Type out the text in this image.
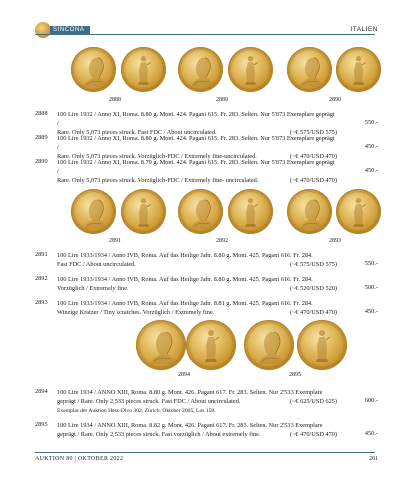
SINCONA	ITALIEN
2888	2889	2890
2888 100 Lire 1932 / Anno XI, Roma. 8.80 g. Mont. 424. Pagani 615. Fr. 283. Selten. Nur 5'073 Exemplare geprägt /
Rare. Only 5,073 pieces struck. Fast FDC / About uncirculated.	(~€ 575/USD 575)
550.-
2889 100 Lire 1932 / Anno XI, Roma. 8.80 g. Mont. 424. Pagani 615. Fr. 283. Selten. Nur 5'073 Exemplare geprägt /
Rare. Only 5,073 pieces struck. Vorzüglich-FDC / Extremely fine-uncirculated.	(~€ 470/USD 470)
450.-
2890 100 Lire 1932 / Anno XI, Roma. 8.79 g. Mont. 424. Pagani 615. Fr. 283. Selten. Nur 5'073 Exemplare geprägt /
Rare. Only 5,073 pieces struck. Vorzüglich-FDC / Extremely fine- uncirculated.	(~€ 470/USD 470)
450.-
2891	2892	2893
2891 100 Lire 1933/1934 / Anno IVB, Roma. Auf das Heilige Jahr. 8.80 g. Mont. 425. Pagani 616. Fr. 284.
Fast FDC / About uncirculated.	(~€ 575/USD 575)	550.-
2892 100 Lire 1933/1934 / Anno IVB, Roma. Auf das Heilige Jahr. 8.80 g. Mont. 425. Pagani 616. Fr. 284.
Vorzüglich / Extremely fine.	(~€ 520/USD 520)	500.-
2893 100 Lire 1933/1934 / Anno IVB, Roma. Auf das Heilige Jahr. 8.81 g. Mont. 425. Pagani 616. Fr. 284.
Winzige Kratzer / Tiny scratches. Vorzüglich / Extremely fine.	(~€ 470/USD 470)	450.-
2894	2895
2894 100 Lire 1934 / ANNO XIII, Roma. 8.80 g. Mont. 426. Pagani 617. Fr. 283. Selten. Nur 2'533 Exemplare
geprägt / Rare. Only 2,533 pieces struck. Fast FDC / About uncirculated.	(~€ 625/USD 625)
Exemplar der Auktion Hess-Divo 302, Zürich, Oktober 2005, Los 158.
600.-
2895 100 Lire 1934 / ANNO XIII, Roma. 8.82 g. Mont. 426. Pagani 617. Fr. 283. Selten. Nur 2'533 Exemplare
geprägt / Rare. Only 2,533 pieces struck. Fast vorzüglich / About extremely fine.	(~€ 470/USD 470)	450.-
AUKTION 80 | OKTOBER 2022	201
